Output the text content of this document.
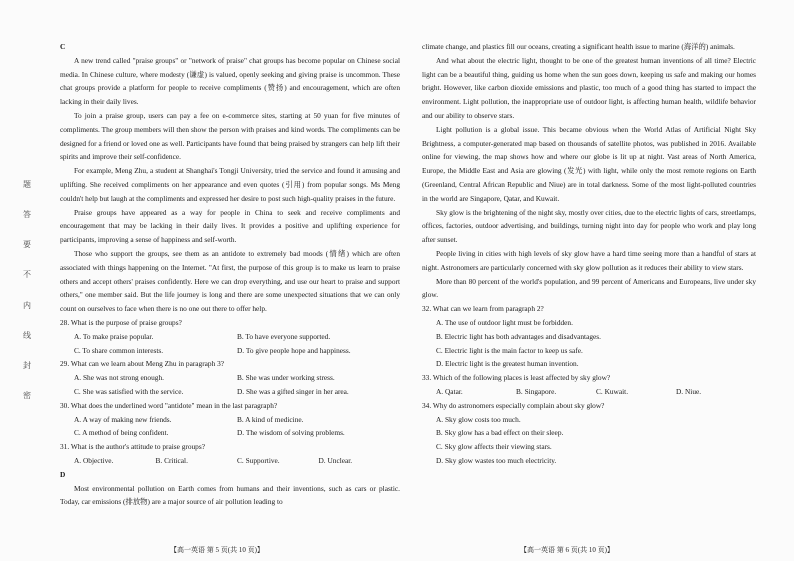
题
答
要
不
内
线
封
密

C

A new trend called "praise groups" or "network of praise" chat groups has become popular on Chinese social media. In Chinese culture, where modesty (谦虚) is valued, openly seeking and giving praise is uncommon. These chat groups provide a platform for people to receive compliments (赞扬) and encouragement, which are often lacking in their daily lives.

To join a praise group, users can pay a fee on e-commerce sites, starting at 50 yuan for five minutes of compliments. The group members will then show the person with praises and kind words. The compliments can be designed for a friend or loved one as well. Participants have found that being praised by strangers can help lift their spirits and improve their self-confidence.

For example, Meng Zhu, a student at Shanghai's Tongji University, tried the service and found it amusing and uplifting. She received compliments on her appearance and even quotes (引用) from popular songs. Ms Meng couldn't help but laugh at the compliments and expressed her desire to post such high-quality praises in the future.

Praise groups have appeared as a way for people in China to seek and receive compliments and encouragement that may be lacking in their daily lives. It provides a positive and uplifting experience for participants, improving a sense of happiness and self-worth.

Those who support the groups, see them as an antidote to extremely bad moods (情绪) which are often associated with things happening on the Internet. "At first, the purpose of this group is to make us learn to praise others and accept others' praises confidently. Here we can drop everything, and use our heart to praise and support others," one member said. But the life journey is long and there are some unexpected situations that we can only count on ourselves to face when there is no one out there to offer help.

28. What is the purpose of praise groups?

A. To make praise popular.	B. To have everyone supported.
C. To share common interests.	D. To give people hope and happiness.

29. What can we learn about Meng Zhu in paragraph 3?

A. She was not strong enough.	B. She was under working stress.
C. She was satisfied with the service.	D. She was a gifted singer in her area.

30. What does the underlined word "antidote" mean in the last paragraph?

A. A way of making new friends.	B. A kind of medicine.
C. A method of being confident.	D. The wisdom of solving problems.

31. What is the author's attitude to praise groups?

A. Objective.	B. Critical.	C. Supportive.	D. Unclear.

D

Most environmental pollution on Earth comes from humans and their inventions, such as cars or plastic. Today, car emissions (排放物) are a major source of air pollution leading to

climate change, and plastics fill our oceans, creating a significant health issue to marine (海洋的) animals.

And what about the electric light, thought to be one of the greatest human inventions of all time? Electric light can be a beautiful thing, guiding us home when the sun goes down, keeping us safe and making our homes bright. However, like carbon dioxide emissions and plastic, too much of a good thing has started to impact the environment. Light pollution, the inappropriate use of outdoor light, is affecting human health, wildlife behavior and our ability to observe stars.

Light pollution is a global issue. This became obvious when the World Atlas of Artificial Night Sky Brightness, a computer-generated map based on thousands of satellite photos, was published in 2016. Available online for viewing, the map shows how and where our globe is lit up at night. Vast areas of North America, Europe, the Middle East and Asia are glowing (发光) with light, while only the most remote regions on Earth (Greenland, Central African Republic and Niue) are in total darkness. Some of the most light-polluted countries in the world are Singapore, Qatar, and Kuwait.

Sky glow is the brightening of the night sky, mostly over cities, due to the electric lights of cars, streetlamps, offices, factories, outdoor advertising, and buildings, turning night into day for people who work and play long after sunset.

People living in cities with high levels of sky glow have a hard time seeing more than a handful of stars at night. Astronomers are particularly concerned with sky glow pollution as it reduces their ability to view stars.

More than 80 percent of the world's population, and 99 percent of Americans and Europeans, live under sky glow.

32. What can we learn from paragraph 2?

A. The use of outdoor light must be forbidden.
B. Electric light has both advantages and disadvantages.
C. Electric light is the main factor to keep us safe.
D. Electric light is the greatest human invention.

33. Which of the following places is least affected by sky glow?

A. Qatar.	B. Singapore.	C. Kuwait.	D. Niue.

34. Why do astronomers especially complain about sky glow?

A. Sky glow costs too much.
B. Sky glow has a bad effect on their sleep.
C. Sky glow affects their viewing stars.
D. Sky glow wastes too much electricity.
【高一英语 第 5 页(共 10 页)】	【高一英语 第 6 页(共 10 页)】
